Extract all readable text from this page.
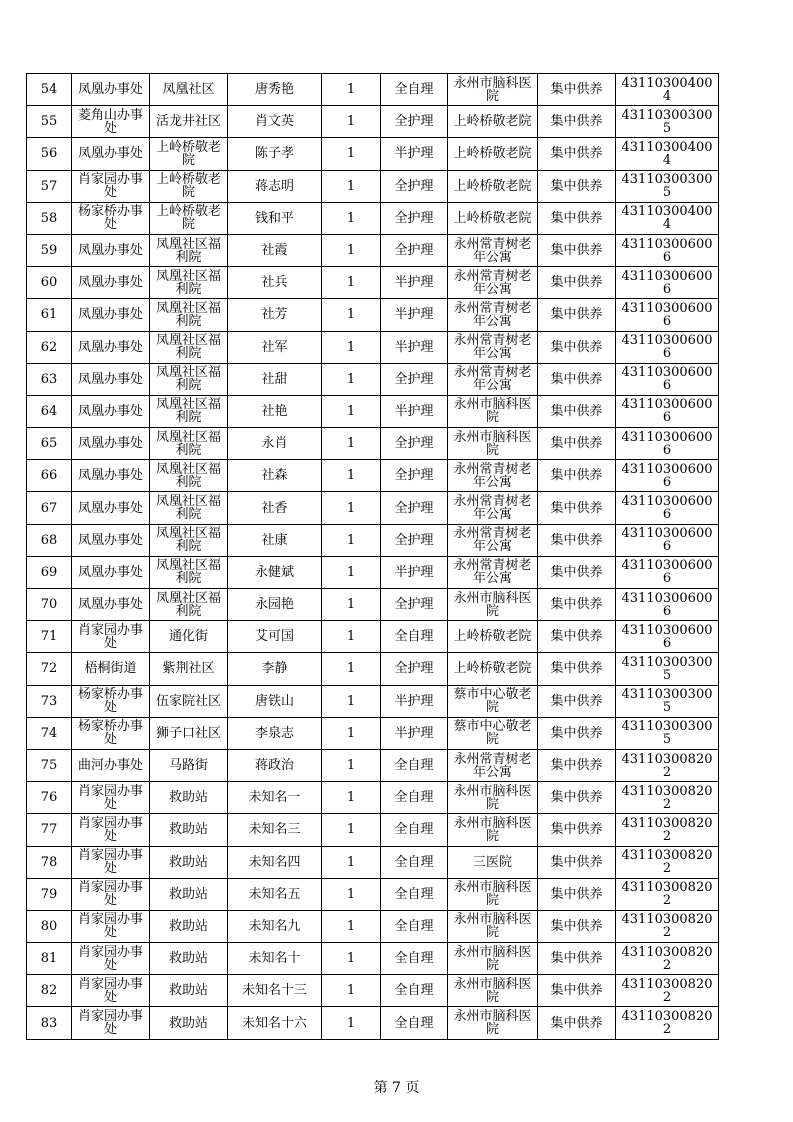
54	凤凰办事处	凤凰社区	唐秀艳	1	全自理	永州市脑科医院	集中供养	431103004004

55	菱角山办事处	活龙井社区	肖文英	1	全护理	上岭桥敬老院	集中供养	431103003005

56	凤凰办事处	上岭桥敬老院	陈子孝	1	半护理	上岭桥敬老院	集中供养	431103004004

57	肖家园办事处	上岭桥敬老院	蒋志明	1	全护理	上岭桥敬老院	集中供养	431103003005

58	杨家桥办事处	上岭桥敬老院	钱和平	1	全护理	上岭桥敬老院	集中供养	431103004004

59	凤凰办事处	凤凰社区福利院	社霞	1	全护理	永州常青树老年公寓	集中供养	431103006006

60	凤凰办事处	凤凰社区福利院	社兵	1	半护理	永州常青树老年公寓	集中供养	431103006006

61	凤凰办事处	凤凰社区福利院	社芳	1	半护理	永州常青树老年公寓	集中供养	431103006006

62	凤凰办事处	凤凰社区福利院	社军	1	半护理	永州常青树老年公寓	集中供养	431103006006

63	凤凰办事处	凤凰社区福利院	社甜	1	全护理	永州常青树老年公寓	集中供养	431103006006

64	凤凰办事处	凤凰社区福利院	社艳	1	半护理	永州市脑科医院	集中供养	431103006006

65	凤凰办事处	凤凰社区福利院	永肖	1	全护理	永州市脑科医院	集中供养	431103006006

66	凤凰办事处	凤凰社区福利院	社森	1	全护理	永州常青树老年公寓	集中供养	431103006006

67	凤凰办事处	凤凰社区福利院	社香	1	全护理	永州常青树老年公寓	集中供养	431103006006

68	凤凰办事处	凤凰社区福利院	社康	1	全护理	永州常青树老年公寓	集中供养	431103006006

69	凤凰办事处	凤凰社区福利院	永健斌	1	半护理	永州常青树老年公寓	集中供养	431103006006

70	凤凰办事处	凤凰社区福利院	永园艳	1	全护理	永州市脑科医院	集中供养	431103006006

71	肖家园办事处	通化街	艾可国	1	全自理	上岭桥敬老院	集中供养	431103006006

72	梧桐街道	紫荆社区	李静	1	全护理	上岭桥敬老院	集中供养	431103003005

73	杨家桥办事处	伍家院社区	唐铁山	1	半护理	蔡市中心敬老院	集中供养	431103003005

74	杨家桥办事处	狮子口社区	李泉志	1	半护理	蔡市中心敬老院	集中供养	431103003005

75	曲河办事处	马路街	蒋政治	1	全自理	永州常青树老年公寓	集中供养	431103008202

76	肖家园办事处	救助站	未知名一	1	全自理	永州市脑科医院	集中供养	431103008202

77	肖家园办事处	救助站	未知名三	1	全自理	永州市脑科医院	集中供养	431103008202

78	肖家园办事处	救助站	未知名四	1	全自理	三医院	集中供养	431103008202

79	肖家园办事处	救助站	未知名五	1	全自理	永州市脑科医院	集中供养	431103008202

80	肖家园办事处	救助站	未知名九	1	全自理	永州市脑科医院	集中供养	431103008202

81	肖家园办事处	救助站	未知名十	1	全自理	永州市脑科医院	集中供养	431103008202

82	肖家园办事处	救助站	未知名十三	1	全自理	永州市脑科医院	集中供养	431103008202

83	肖家园办事处	救助站	未知名十六	1	全自理	永州市脑科医院	集中供养	431103008202
第 7 页
